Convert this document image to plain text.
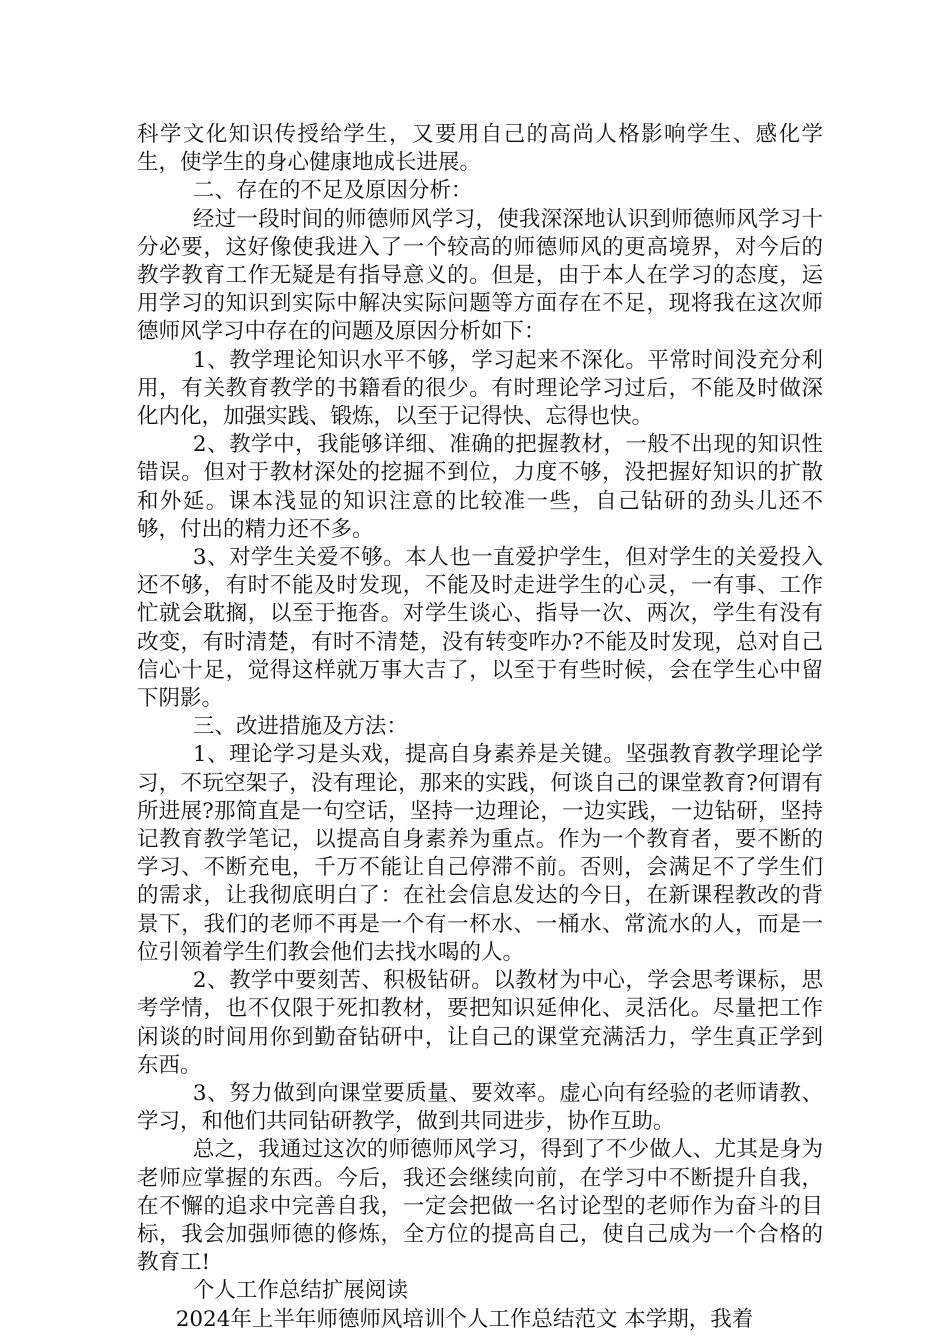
科学文化知识传授给学生，又要用自己的高尚人格影响学生、感化学生，使学生的身心健康地成长进展。

二、存在的不足及原因分析：

经过一段时间的师德师风学习，使我深深地认识到师德师风学习十分必要，这好像使我进入了一个较高的师德师风的更高境界，对今后的教学教育工作无疑是有指导意义的。但是，由于本人在学习的态度，运用学习的知识到实际中解决实际问题等方面存在不足，现将我在这次师德师风学习中存在的问题及原因分析如下：

1、教学理论知识水平不够，学习起来不深化。平常时间没充分利用，有关教育教学的书籍看的很少。有时理论学习过后，不能及时做深化内化，加强实践、锻炼，以至于记得快、忘得也快。

2、教学中，我能够详细、准确的把握教材，一般不出现的知识性错误。但对于教材深处的挖掘不到位，力度不够，没把握好知识的扩散和外延。课本浅显的知识注意的比较准一些，自己钻研的劲头儿还不够，付出的精力还不多。

3、对学生关爱不够。本人也一直爱护学生，但对学生的关爱投入还不够，有时不能及时发现，不能及时走进学生的心灵，一有事、工作忙就会耽搁，以至于拖沓。对学生谈心、指导一次、两次，学生有没有改变，有时清楚，有时不清楚，没有转变咋办?不能及时发现，总对自己信心十足，觉得这样就万事大吉了，以至于有些时候，会在学生心中留下阴影。

三、改进措施及方法：

1、理论学习是头戏，提高自身素养是关键。坚强教育教学理论学习，不玩空架子，没有理论，那来的实践，何谈自己的课堂教育?何谓有所进展?那简直是一句空话，坚持一边理论，一边实践，一边钻研，坚持记教育教学笔记，以提高自身素养为重点。作为一个教育者，要不断的学习、不断充电，千万不能让自己停滞不前。否则，会满足不了学生们的需求，让我彻底明白了：在社会信息发达的今日，在新课程教改的背景下，我们的老师不再是一个有一杯水、一桶水、常流水的人，而是一位引领着学生们教会他们去找水喝的人。

2、教学中要刻苦、积极钻研。以教材为中心，学会思考课标，思考学情，也不仅限于死扣教材，要把知识延伸化、灵活化。尽量把工作闲谈的时间用你到勤奋钻研中，让自己的课堂充满活力，学生真正学到东西。

3、努力做到向课堂要质量、要效率。虚心向有经验的老师请教、学习，和他们共同钻研教学，做到共同进步，协作互助。

总之，我通过这次的师德师风学习，得到了不少做人、尤其是身为老师应掌握的东西。今后，我还会继续向前，在学习中不断提升自我，在不懈的追求中完善自我，一定会把做一名讨论型的老师作为奋斗的目标，我会加强师德的修炼，全方位的提高自己，使自己成为一个合格的教育工!

个人工作总结扩展阅读

2024年上半年师德师风培训个人工作总结范文 本学期，我着
